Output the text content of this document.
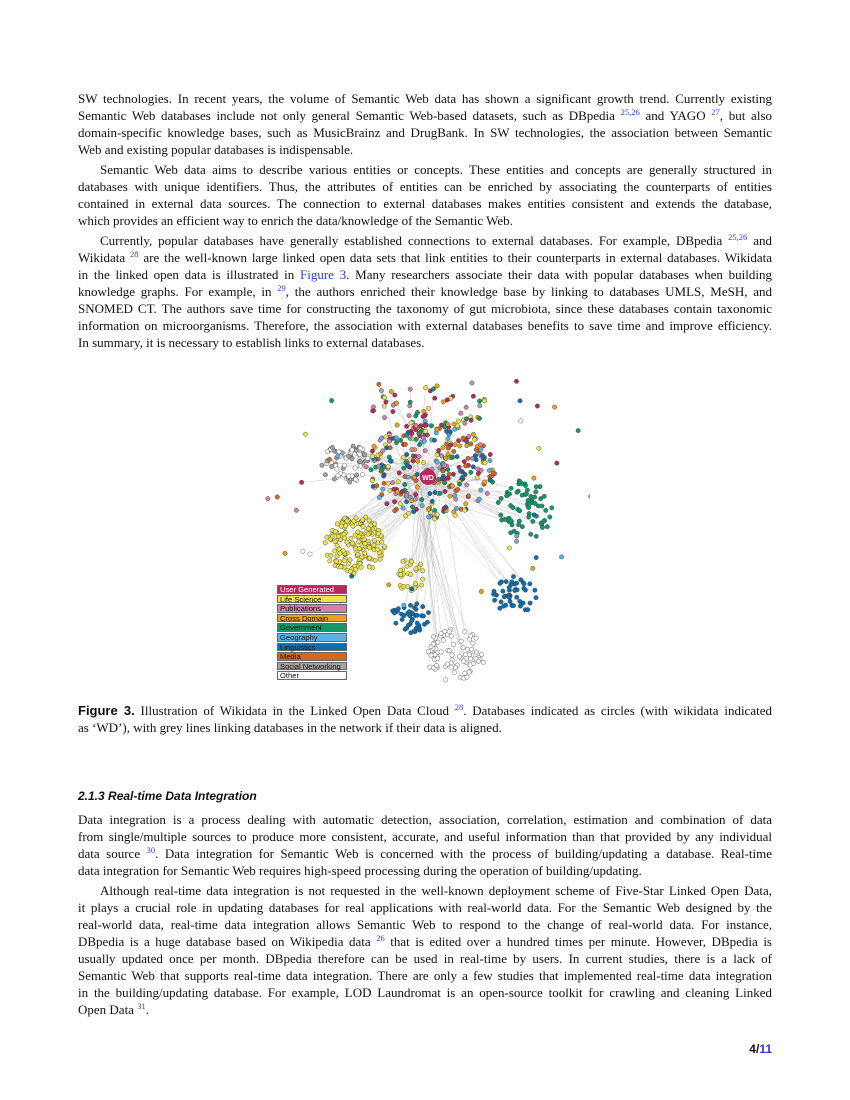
SW technologies. In recent years, the volume of Semantic Web data has shown a significant growth trend. Currently existing
Semantic Web databases include not only general Semantic Web-based datasets, such as DBpedia $^{25,26}$ and YAGO $^{27}$, but also
domain-specific knowledge bases, such as MusicBrainz and DrugBank. In SW technologies, the association between Semantic
Web and existing popular databases is indispensable.
Semantic Web data aims to describe various entities or concepts. These entities and concepts are generally structured in
databases with unique identifiers. Thus, the attributes of entities can be enriched by associating the counterparts of entities
contained in external data sources. The connection to external databases makes entities consistent and extends the database,
which provides an efficient way to enrich the data/knowledge of the Semantic Web.
Currently, popular databases have generally established connections to external databases. For example, DBpedia $^{25,26}$ and
Wikidata $^{28}$ are the well-known large linked open data sets that link entities to their counterparts in external databases. Wikidata
in the linked open data is illustrated in Figure 3. Many researchers associate their data with popular databases when building
knowledge graphs. For example, in $^{29}$, the authors enriched their knowledge base by linking to databases UMLS, MeSH, and
SNOMED CT. The authors save time for constructing the taxonomy of gut microbiota, since these databases contain taxonomic
information on microorganisms. Therefore, the association with external databases benefits to save time and improve efficiency.
In summary, it is necessary to establish links to external databases.
WD
User Generated
Life Science
Publications
Cross Domain
Government
Geography
Linguistics
Media
Social Networking
Other
Figure 3. Illustration of Wikidata in the Linked Open Data Cloud $^{28}$. Databases indicated as circles (with wikidata indicated
as ‘WD’), with grey lines linking databases in the network if their data is aligned.
2.1.3 Real-time Data Integration
Data integration is a process dealing with automatic detection, association, correlation, estimation and combination of data
from single/multiple sources to produce more consistent, accurate, and useful information than that provided by any individual
data source $^{30}$. Data integration for Semantic Web is concerned with the process of building/updating a database. Real-time
data integration for Semantic Web requires high-speed processing during the operation of building/updating.
Although real-time data integration is not requested in the well-known deployment scheme of Five-Star Linked Open Data,
it plays a crucial role in updating databases for real applications with real-world data. For the Semantic Web designed by the
real-world data, real-time data integration allows Semantic Web to respond to the change of real-world data. For instance,
DBpedia is a huge database based on Wikipedia data $^{26}$ that is edited over a hundred times per minute. However, DBpedia is
usually updated once per month. DBpedia therefore can be used in real-time by users. In current studies, there is a lack of
Semantic Web that supports real-time data integration. There are only a few studies that implemented real-time data integration
in the building/updating database. For example, LOD Laundromat is an open-source toolkit for crawling and cleaning Linked
Open Data $^{31}$.
4/11
